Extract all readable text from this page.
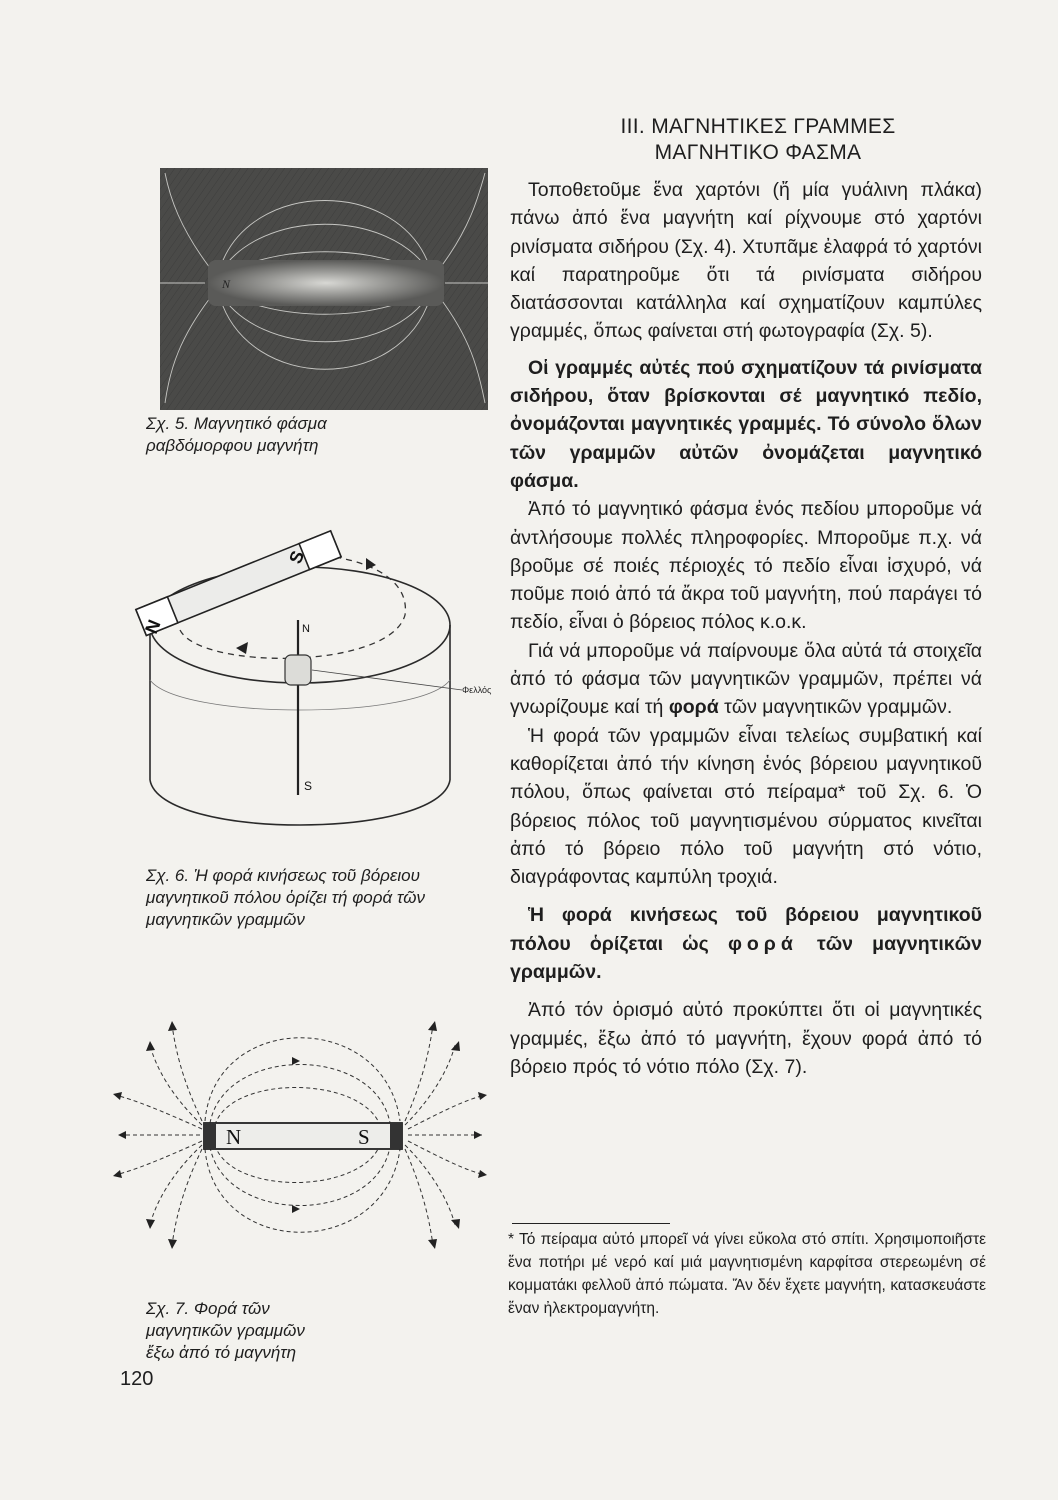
III. ΜΑΓΝΗΤΙΚΕΣ ΓΡΑΜΜΕΣ
ΜΑΓΝΗΤΙΚΟ ΦΑΣΜΑ

Τοποθετοῦμε ἕνα χαρτόνι (ἤ μία γυάλινη πλάκα) πάνω ἀπό ἕνα μαγνήτη καί ρίχνουμε στό χαρτόνι ρινίσματα σιδήρου (Σχ. 4). Χτυπᾶμε ἐλαφρά τό χαρτόνι καί παρατηροῦμε ὅτι τά ρινίσματα σιδήρου διατάσσονται κατάλληλα καί σχηματίζουν καμπύλες γραμμές, ὅπως φαίνεται στή φωτογραφία (Σχ. 5).

Οἱ γραμμές αὐτές πού σχηματίζουν τά ρινίσματα σιδήρου, ὅταν βρίσκονται σέ μαγνητικό πεδίο, ὀνομάζονται μαγνητικές γραμμές. Τό σύνολο ὅλων τῶν γραμμῶν αὐτῶν ὀνομάζεται μαγνητικό φάσμα.

Ἀπό τό μαγνητικό φάσμα ἑνός πεδίου μποροῦμε νά ἀντλήσουμε πολλές πληροφορίες. Μποροῦμε π.χ. νά βροῦμε σέ ποιές πέριοχές τό πεδίο εἶναι ἰσχυρό, νά ποῦμε ποιό ἀπό τά ἄκρα τοῦ μαγνήτη, πού παράγει τό πεδίο, εἶναι ὁ βόρειος πόλος κ.ο.κ.

Γιά νά μποροῦμε νά παίρνουμε ὅλα αὐτά τά στοιχεῖα ἀπό τό φάσμα τῶν μαγνητικῶν γραμμῶν, πρέπει νά γνωρίζουμε καί τή φορά τῶν μαγνητικῶν γραμμῶν.

Ἡ φορά τῶν γραμμῶν εἶναι τελείως συμβατική καί καθορίζεται ἀπό τήν κίνηση ἑνός βόρειου μαγνητικοῦ πόλου, ὅπως φαίνεται στό πείραμα* τοῦ Σχ. 6. Ὁ βόρειος πόλος τοῦ μαγνητισμένου σύρματος κινεῖται ἀπό τό βόρειο πόλο τοῦ μαγνήτη στό νότιο, διαγράφοντας καμπύλη τροχιά.

Ἡ φορά κινήσεως τοῦ βόρειου μαγνητικοῦ πόλου ὁρίζεται ὡς φορά τῶν μαγνητικῶν γραμμῶν.

Ἀπό τόν ὁρισμό αὐτό προκύπτει ὅτι οἱ μαγνητικές γραμμές, ἔξω ἀπό τό μαγνήτη, ἔχουν φορά ἀπό τό βόρειο πρός τό νότιο πόλο (Σχ. 7).

* Τό πείραμα αὐτό μπορεῖ νά γίνει εὔκολα στό σπίτι. Χρησιμοποιῆστε ἕνα ποτήρι μέ νερό καί μιά μαγνητισμένη καρφίτσα στερεωμένη σέ κομματάκι φελλοῦ ἀπό πώματα. Ἄν δέν ἔχετε μαγνήτη, κατασκευάστε ἕναν ἠλεκτρομαγνήτη.
N
Σχ. 5. Μαγνητικό φάσμα ραβδόμορφου μαγνήτη
N
S
N
S
Φελλός
Σχ. 6. Ἡ φορά κινήσεως τοῦ βόρειου μαγνητικοῦ πόλου ὁρίζει τή φορά τῶν μαγνητικῶν γραμμῶν
N	S
Σχ. 7. Φορά τῶν μαγνητικῶν γραμμῶν ἔξω ἀπό τό μαγνήτη
120
